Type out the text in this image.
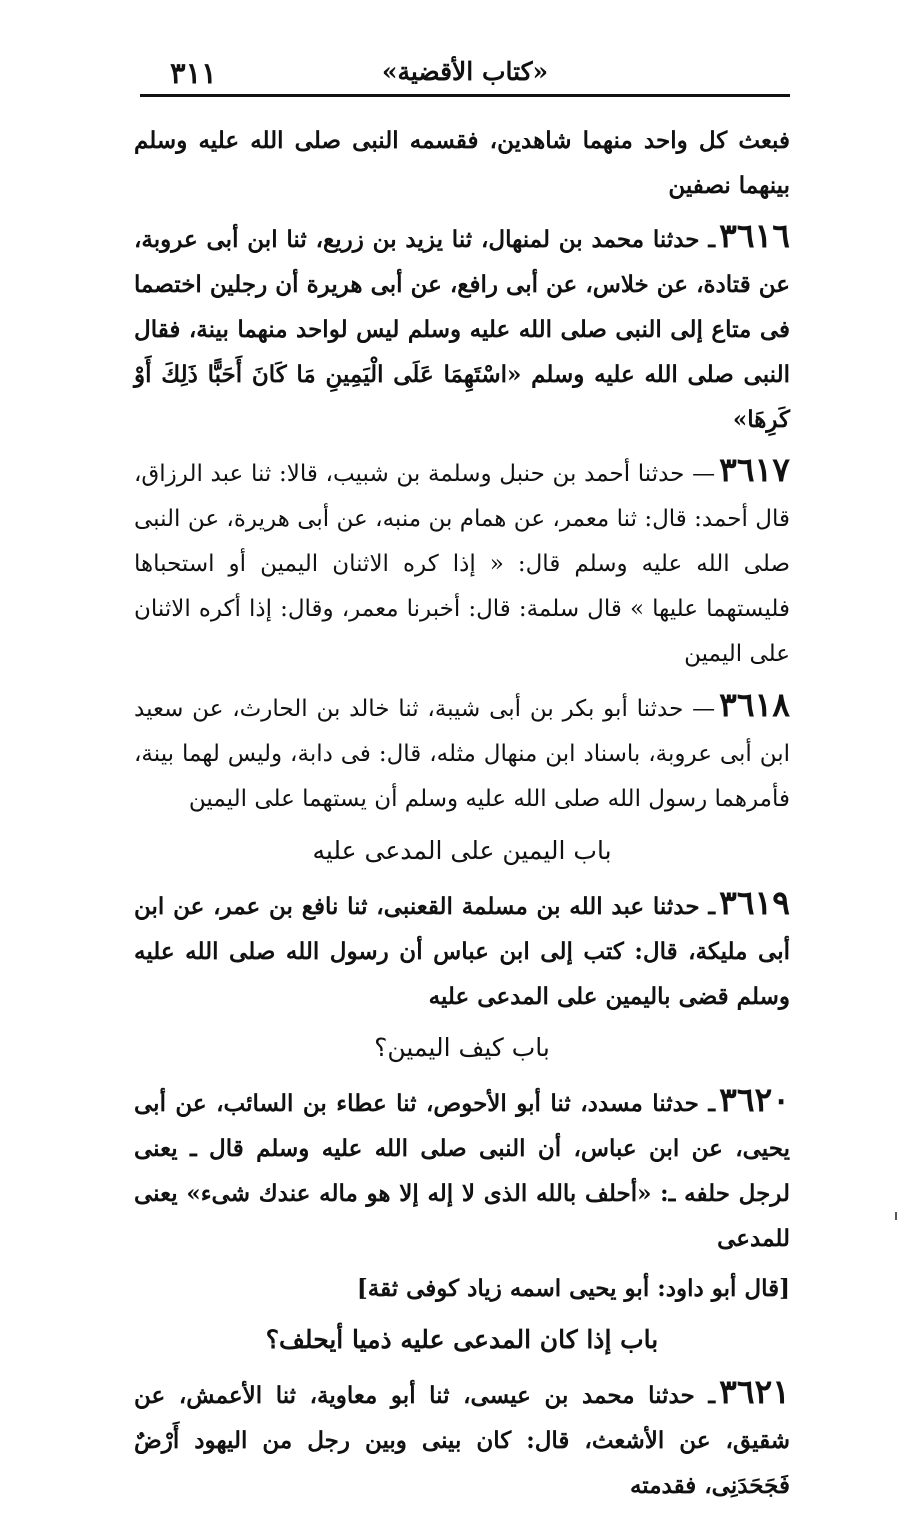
٣١١	«كتاب الأقضية»

فبعث كل واحد منهما شاهدين، فقسمه النبى صلى الله عليه وسلم بينهما نصفين

٣٦١٦ـ حدثنا محمد بن لمنهال، ثنا يزيد بن زريع، ثنا ابن أبى عروبة، عن قتادة، عن خلاس، عن أبى رافع، عن أبى هريرة أن رجلين اختصما فى متاع إلى النبى صلى الله عليه وسلم ليس لواحد منهما بينة، فقال النبى صلى الله عليه وسلم «اسْتَهِمَا عَلَى الْيَمِينِ مَا كَانَ أَحَبًّا ذَلِكَ أَوْ كَرِهَا»

٣٦١٧— حدثنا أحمد بن حنبل وسلمة بن شبيب، قالا: ثنا عبد الرزاق، قال أحمد: قال: ثنا معمر، عن همام بن منبه، عن أبى هريرة، عن النبى صلى الله عليه وسلم قال: « إذا كره الاثنان اليمين أو استحباها فليستهما عليها » قال سلمة: قال: أخبرنا معمر، وقال: إذا أكره الاثنان على اليمين

٣٦١٨— حدثنا أبو بكر بن أبى شيبة، ثنا خالد بن الحارث، عن سعيد ابن أبى عروبة، باسناد ابن منهال مثله، قال: فى دابة، وليس لهما بينة، فأمرهما رسول الله صلى الله عليه وسلم أن يستهما على اليمين

باب اليمين على المدعى عليه

٣٦١٩ـ حدثنا عبد الله بن مسلمة القعنبى، ثنا نافع بن عمر، عن ابن أبى مليكة، قال: كتب إلى ابن عباس أن رسول الله صلى الله عليه وسلم قضى باليمين على المدعى عليه

باب كيف اليمين؟

٣٦٢٠ـ حدثنا مسدد، ثنا أبو الأحوص، ثنا عطاء بن السائب، عن أبى يحيى، عن ابن عباس، أن النبى صلى الله عليه وسلم قال ـ يعنى لرجل حلفه ـ: «أحلف بالله الذى لا إله إلا هو ماله عندك شىء» يعنى للمدعى

[قال أبو داود: أبو يحيى اسمه زياد كوفى ثقة]

باب إذا كان المدعى عليه ذميا أيحلف؟

٣٦٢١ـ حدثنا محمد بن عيسى، ثنا أبو معاوية، ثنا الأعمش، عن شقيق، عن الأشعث، قال: كان بينى وبين رجل من اليهود أَرْضٌ فَجَحَدَنِى، فقدمته
